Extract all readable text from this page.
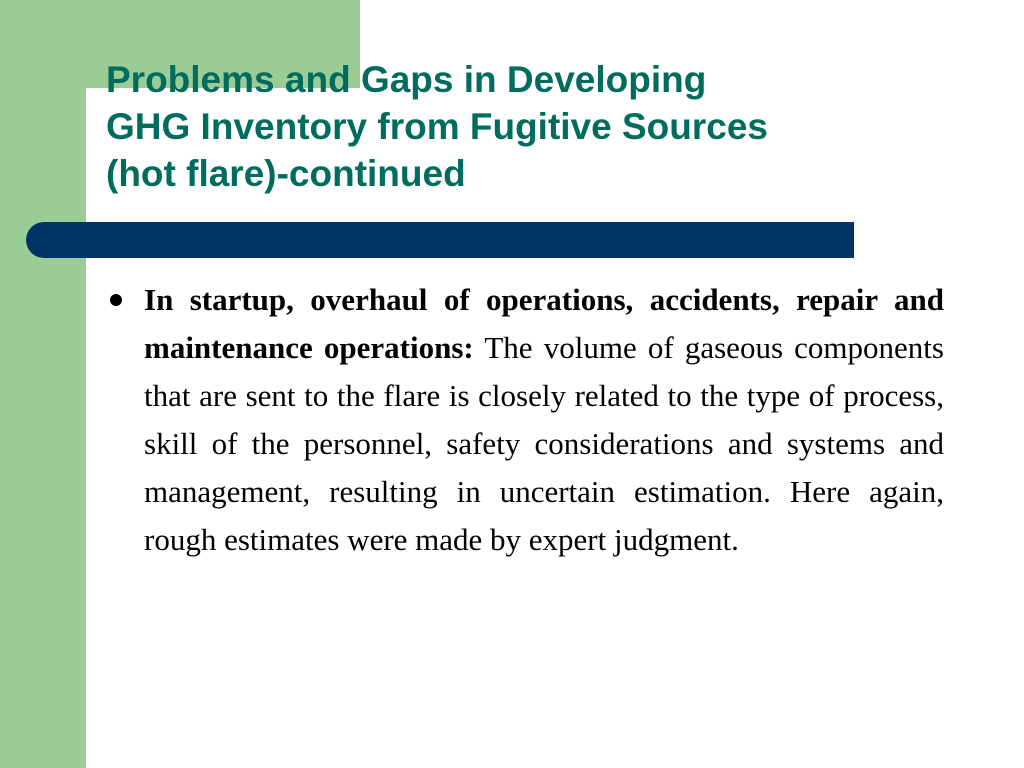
Problems and Gaps in Developing
GHG Inventory from Fugitive Sources
(hot flare)-continued

In startup, overhaul of operations, accidents, repair and maintenance operations: The volume of gaseous components that are sent to the flare is closely related to the type of process, skill of the personnel, safety considerations and systems and management, resulting in uncertain estimation. Here again, rough estimates were made by expert judgment.
